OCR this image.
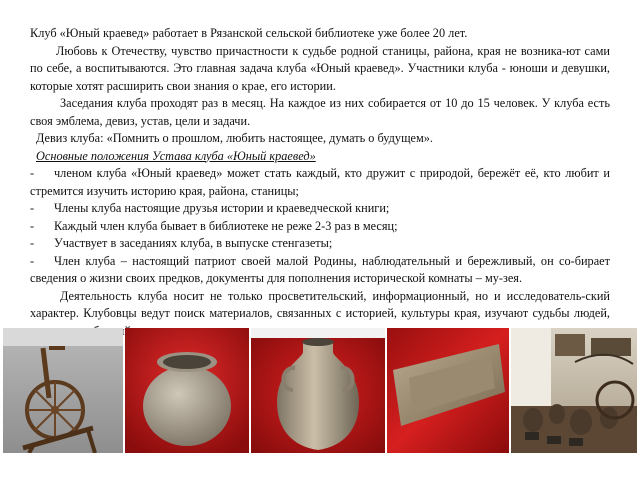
Клуб «Юный краевед» работает в Рязанской сельской библиотеке уже более 20 лет.

Любовь к Отечеству, чувство причастности к судьбе родной станицы, района, края не возника-ют сами по себе, а воспитываются. Это главная задача клуба «Юный краевед». Участники клуба - юноши и девушки, которые хотят расширить свои знания о крае, его истории.

Заседания клуба проходят раз в месяц. На каждое из них собирается от 10 до 15 человек. У клуба есть своя эмблема, девиз, устав, цели и задачи.

Девиз клуба: «Помнить о прошлом, любить настоящее, думать о будущем».

Основные положения Устава клуба «Юный краевед»

- членом клуба «Юный краевед» может стать каждый, кто дружит с природой, бережёт её, кто любит и стремится изучить историю края, района, станицы;

- Члены клуба настоящие друзья истории и краеведческой книги;

- Каждый член клуба бывает в библиотеке не реже 2-3 раз в месяц;

- Участвует в заседаниях клуба, в выпуске стенгазеты;

- Член клуба – настоящий патриот своей малой Родины, наблюдательный и бережливый, он со-бирает сведения о жизни своих предков, документы для пополнения исторической комнаты – му-зея.

Деятельность клуба носит не только просветительский, информационный, но и исследователь-ский характер. Клубовцы ведут поиск материалов, связанных с историей, культуры края, изучают судьбы людей,
